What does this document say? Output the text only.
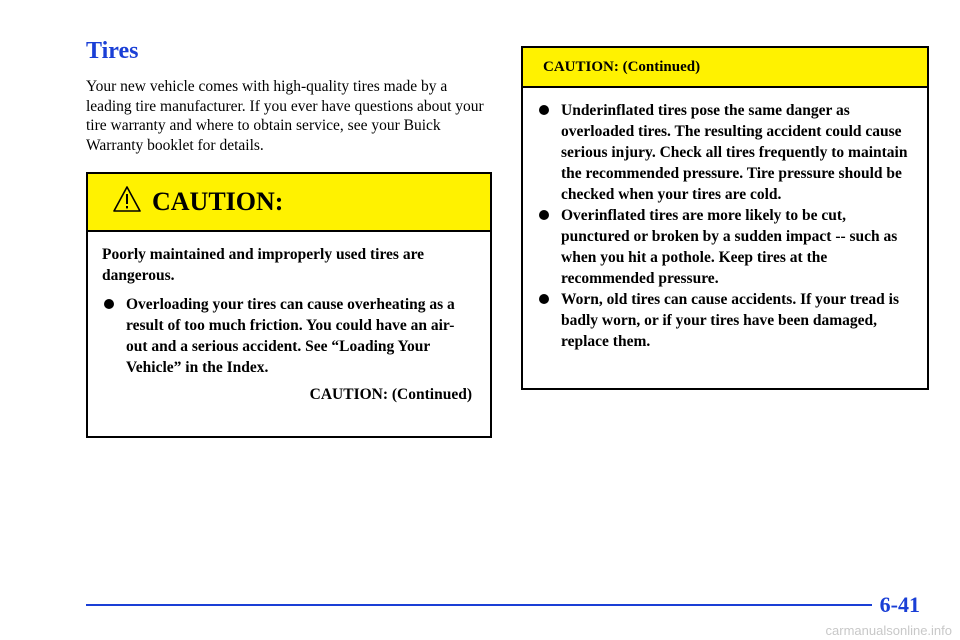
Tires

Your new vehicle comes with high-quality tires made by a leading tire manufacturer. If you ever have questions about your tire warranty and where to obtain service, see your Buick Warranty booklet for details.

CAUTION:

Poorly maintained and improperly used tires are dangerous.

Overloading your tires can cause overheating as a result of too much friction. You could have an air-out and a serious accident. See “Loading Your Vehicle” in the Index.
CAUTION: (Continued)
CAUTION: (Continued)
Underinflated tires pose the same danger as overloaded tires. The resulting accident could cause serious injury. Check all tires frequently to maintain the recommended pressure. Tire pressure should be checked when your tires are cold.
Overinflated tires are more likely to be cut, punctured or broken by a sudden impact -- such as when you hit a pothole. Keep tires at the recommended pressure.
Worn, old tires can cause accidents. If your tread is badly worn, or if your tires have been damaged, replace them.
6-41
carmanualsonline.info
